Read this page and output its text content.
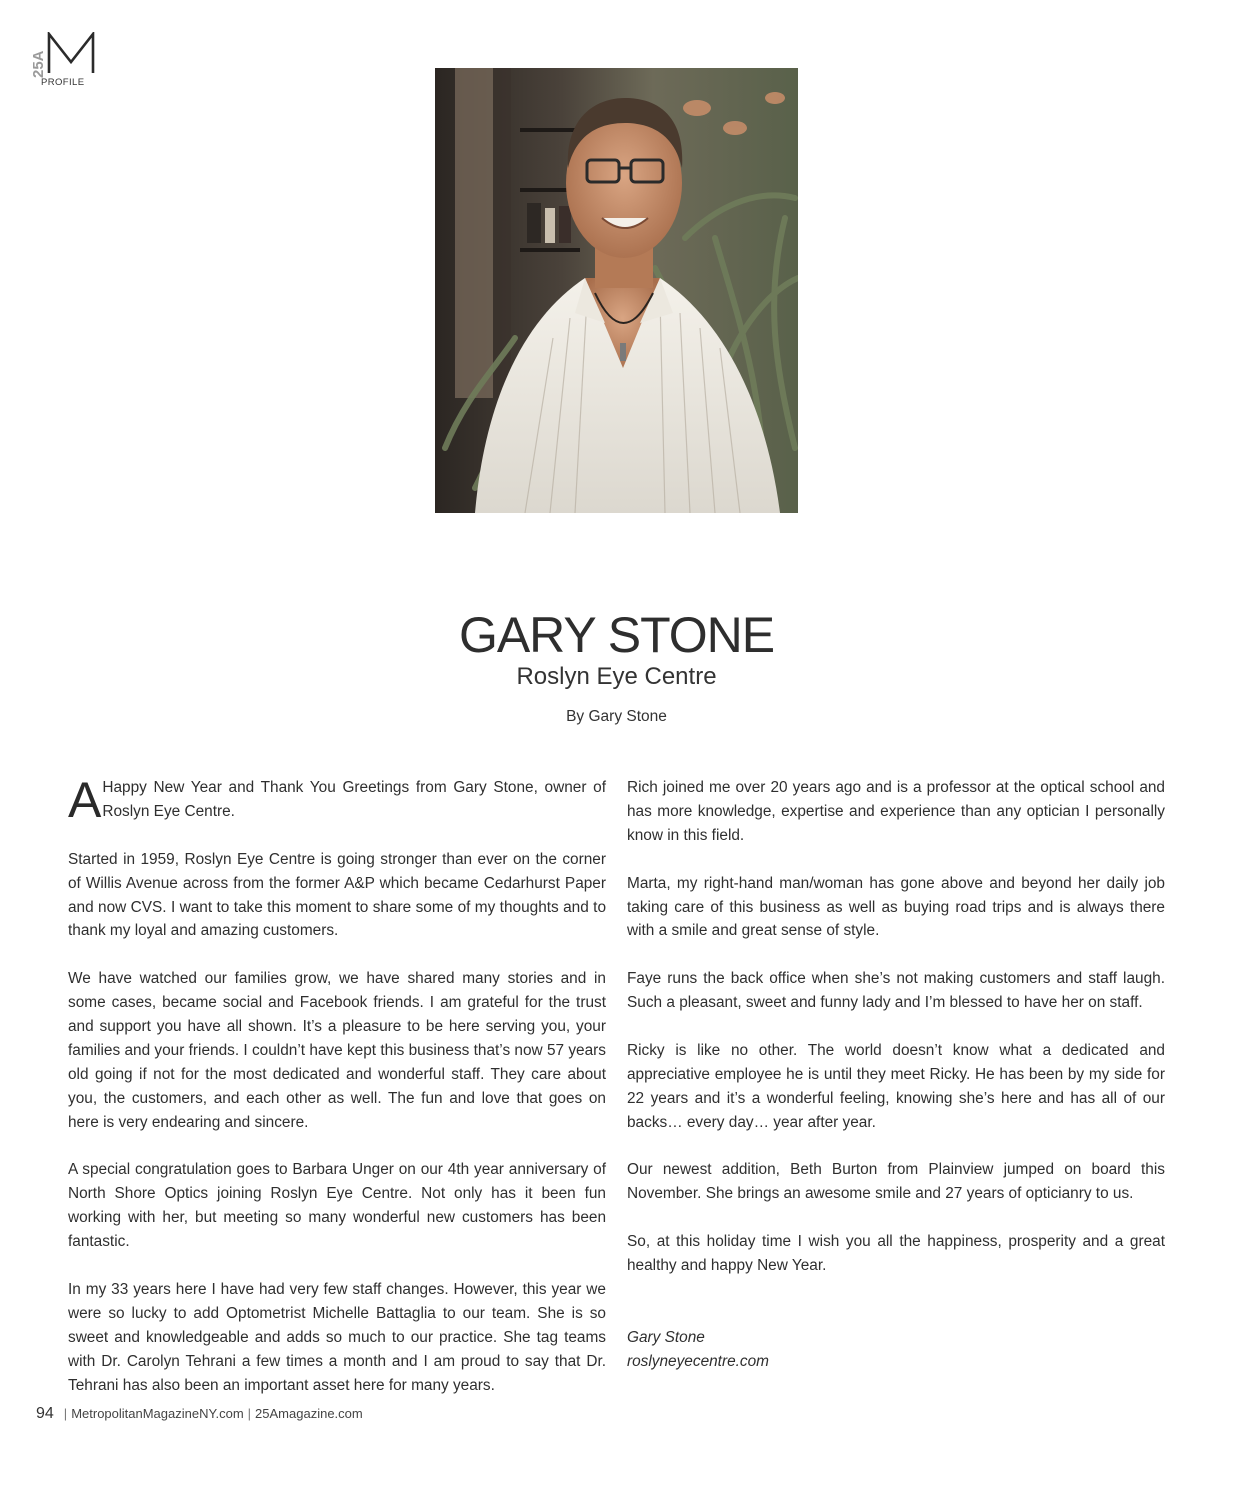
25A
PROFILE
GARY STONE
Roslyn Eye Centre
By Gary Stone

A Happy New Year and Thank You Greetings from Gary Stone, owner of Roslyn Eye Centre.

Started in 1959, Roslyn Eye Centre is going stronger than ever on the corner of Willis Avenue across from the former A&P which became Cedarhurst Paper and now CVS. I want to take this moment to share some of my thoughts and to thank my loyal and amazing customers.

We have watched our families grow, we have shared many stories and in some cases, became social and Facebook friends. I am grateful for the trust and support you have all shown. It’s a pleasure to be here serving you, your families and your friends. I couldn’t have kept this business that’s now 57 years old going if not for the most dedicated and wonderful staff. They care about you, the customers, and each other as well. The fun and love that goes on here is very endearing and sincere.

A special congratulation goes to Barbara Unger on our 4th year anniversary of North Shore Optics joining Roslyn Eye Centre. Not only has it been fun working with her, but meeting so many wonderful new customers has been fantastic.

In my 33 years here I have had very few staff changes. However, this year we were so lucky to add Optometrist Michelle Battaglia to our team. She is so sweet and knowledgeable and adds so much to our practice. She tag teams with Dr. Carolyn Tehrani a few times a month and I am proud to say that Dr. Tehrani has also been an important asset here for many years.

Rich joined me over 20 years ago and is a professor at the optical school and has more knowledge, expertise and experience than any optician I personally know in this field.

Marta, my right-hand man/woman has gone above and beyond her daily job taking care of this business as well as buying road trips and is always there with a smile and great sense of style.

Faye runs the back office when she’s not making customers and staff laugh. Such a pleasant, sweet and funny lady and I’m blessed to have her on staff.

Ricky is like no other. The world doesn’t know what a dedicated and appreciative employee he is until they meet Ricky. He has been by my side for 22 years and it’s a wonderful feeling, knowing she’s here and has all of our backs… every day… year after year.

Our newest addition, Beth Burton from Plainview jumped on board this November. She brings an awesome smile and 27 years of opticianry to us.

So, at this holiday time I wish you all the happiness, prosperity and a great healthy and happy New Year.

Gary Stone
roslyneyecentre.com
94 | MetropolitanMagazineNY.com | 25Amagazine.com
